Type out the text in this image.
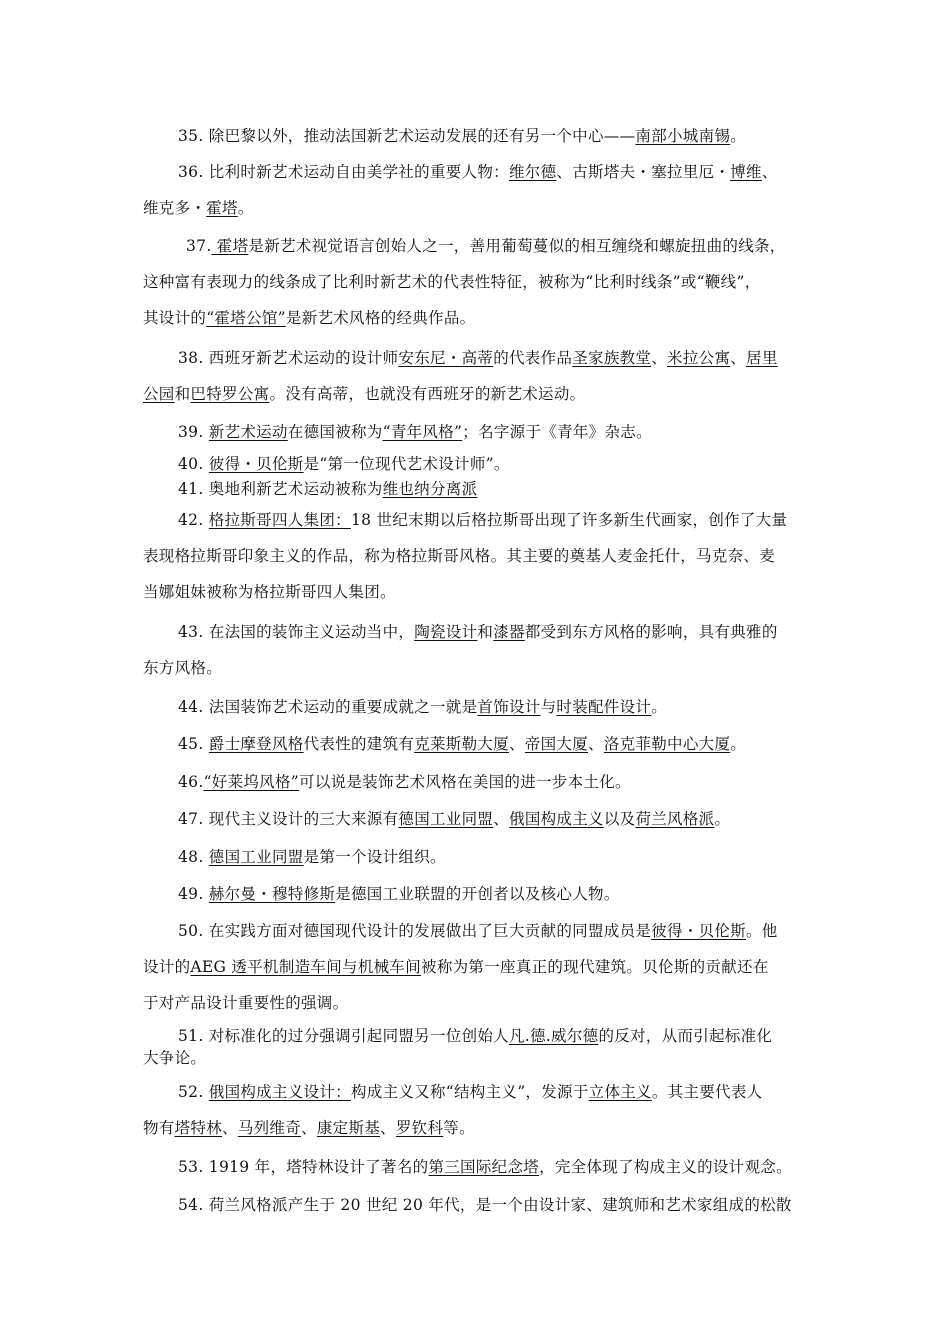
35. 除巴黎以外，推动法国新艺术运动发展的还有另一个中心——南部小城南锡。
36. 比利时新艺术运动自由美学社的重要人物：维尔德、古斯塔夫・塞拉里厄・博维、
维克多・霍塔。
37. 霍塔是新艺术视觉语言创始人之一，善用葡萄蔓似的相互缠绕和螺旋扭曲的线条，
这种富有表现力的线条成了比利时新艺术的代表性特征，被称为“比利时线条”或“鞭线”，
其设计的“霍塔公馆”是新艺术风格的经典作品。
38. 西班牙新艺术运动的设计师安东尼・高蒂的代表作品圣家族教堂、米拉公寓、居里
公园和巴特罗公寓。没有高蒂，也就没有西班牙的新艺术运动。
39. 新艺术运动在德国被称为“青年风格”；名字源于《青年》杂志。
40. 彼得・贝伦斯是“第一位现代艺术设计师”。
41. 奥地利新艺术运动被称为维也纳分离派
42. 格拉斯哥四人集团：18 世纪末期以后格拉斯哥出现了许多新生代画家，创作了大量
表现格拉斯哥印象主义的作品，称为格拉斯哥风格。其主要的奠基人麦金托什，马克奈、麦
当娜姐妹被称为格拉斯哥四人集团。
43. 在法国的装饰主义运动当中，陶瓷设计和漆器都受到东方风格的影响，具有典雅的
东方风格。
44. 法国装饰艺术运动的重要成就之一就是首饰设计与时装配件设计。
45. 爵士摩登风格代表性的建筑有克莱斯勒大厦、帝国大厦、洛克菲勒中心大厦。
46.“好莱坞风格”可以说是装饰艺术风格在美国的进一步本土化。
47. 现代主义设计的三大来源有德国工业同盟、俄国构成主义以及荷兰风格派。
48. 德国工业同盟是第一个设计组织。
49. 赫尔曼・穆特修斯是德国工业联盟的开创者以及核心人物。
50. 在实践方面对德国现代设计的发展做出了巨大贡献的同盟成员是彼得・贝伦斯。他
设计的AEG 透平机制造车间与机械车间被称为第一座真正的现代建筑。贝伦斯的贡献还在
于对产品设计重要性的强调。
51. 对标准化的过分强调引起同盟另一位创始人凡.德.威尔德的反对，从而引起标准化
大争论。
52. 俄国构成主义设计：构成主义又称“结构主义”，发源于立体主义。其主要代表人
物有塔特林、马列维奇、康定斯基、罗钦科等。
53. 1919 年，塔特林设计了著名的第三国际纪念塔，完全体现了构成主义的设计观念。
54. 荷兰风格派产生于 20 世纪 20 年代，是一个由设计家、建筑师和艺术家组成的松散
